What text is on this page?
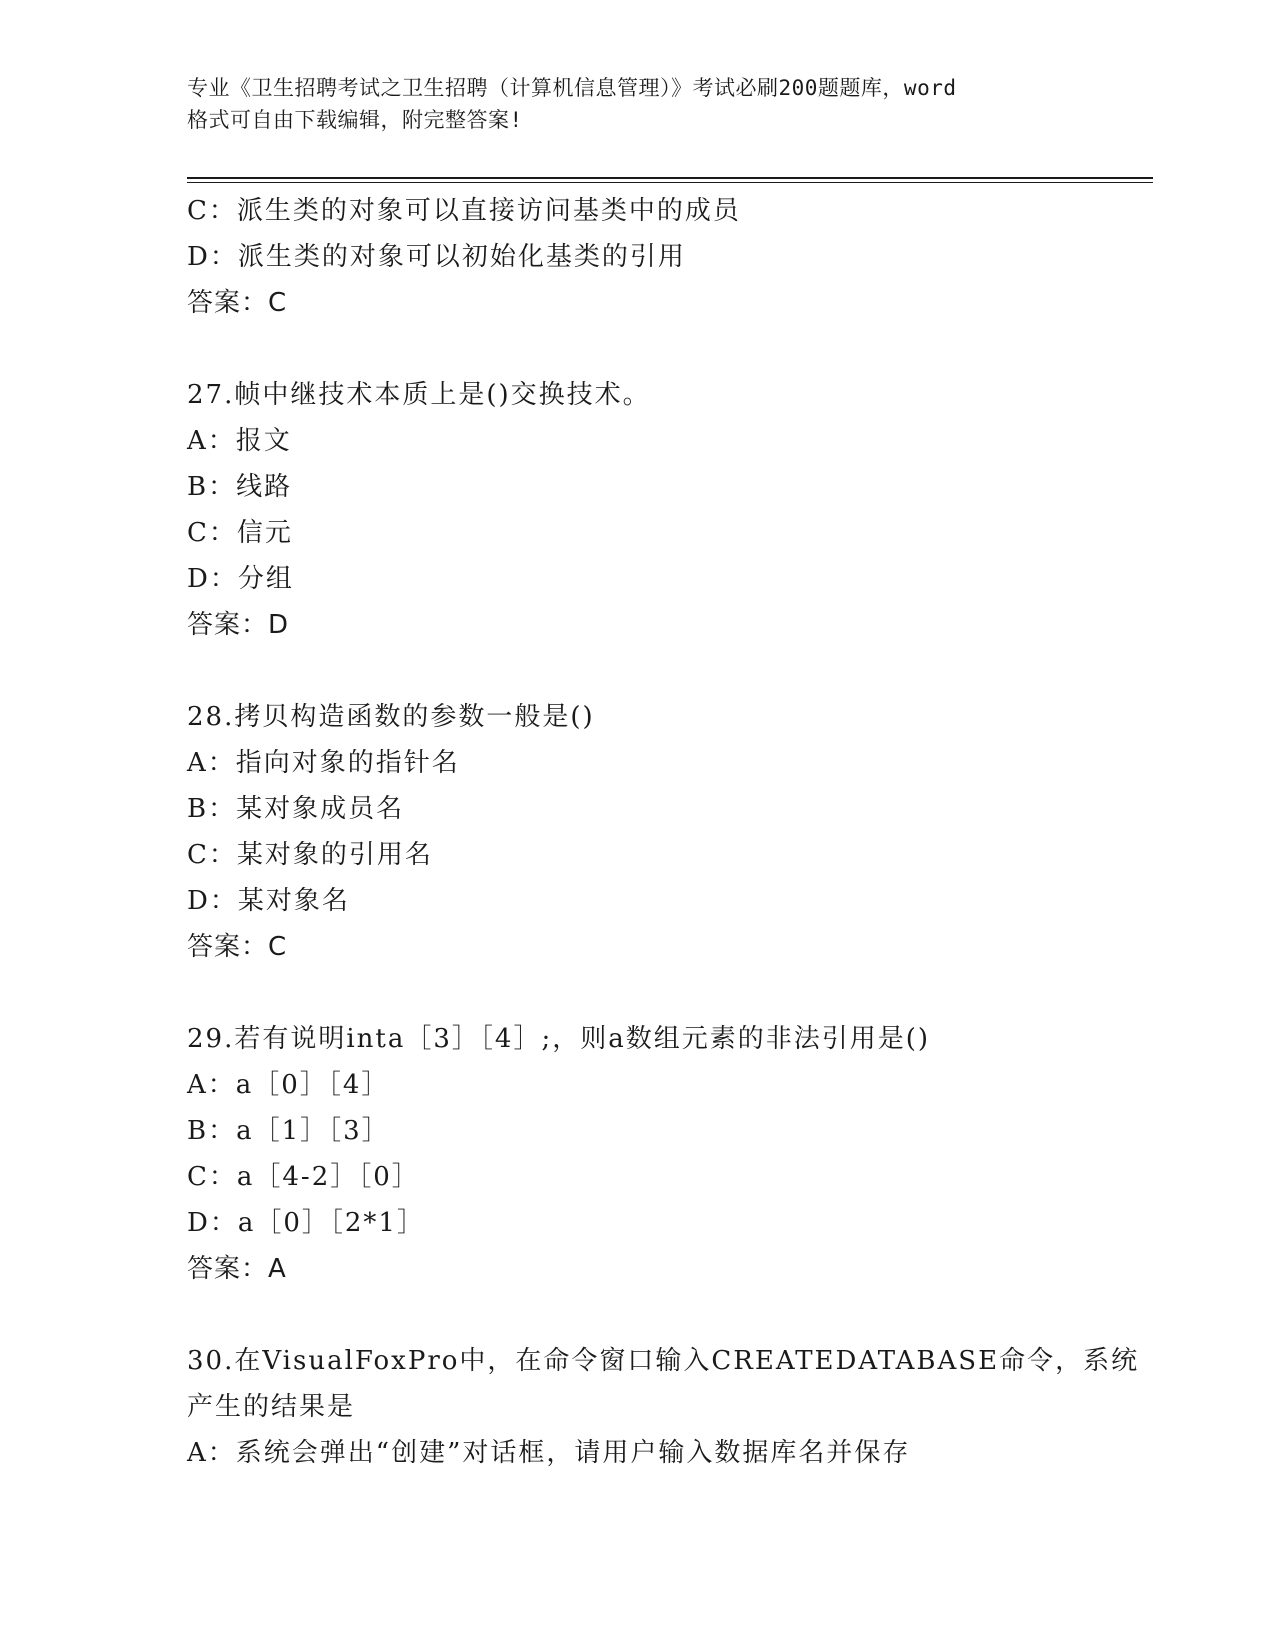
专业《卫生招聘考试之卫生招聘（计算机信息管理）》考试必刷200题题库，word
格式可自由下载编辑，附完整答案!
C：派生类的对象可以直接访问基类中的成员
D：派生类的对象可以初始化基类的引用
答案：C
27.帧中继技术本质上是()交换技术。
A：报文
B：线路
C：信元
D：分组
答案：D
28.拷贝构造函数的参数一般是()
A：指向对象的指针名
B：某对象成员名
C：某对象的引用名
D：某对象名
答案：C
29.若有说明inta［3］［4］;，则a数组元素的非法引用是()
A：a［0］［4］
B：a［1］［3］
C：a［4-2］［0］
D：a［0］［2*1］
答案：A
30.在VisualFoxPro中，在命令窗口输入CREATEDATABASE命令，系统
产生的结果是
A：系统会弹出“创建”对话框，请用户输入数据库名并保存
